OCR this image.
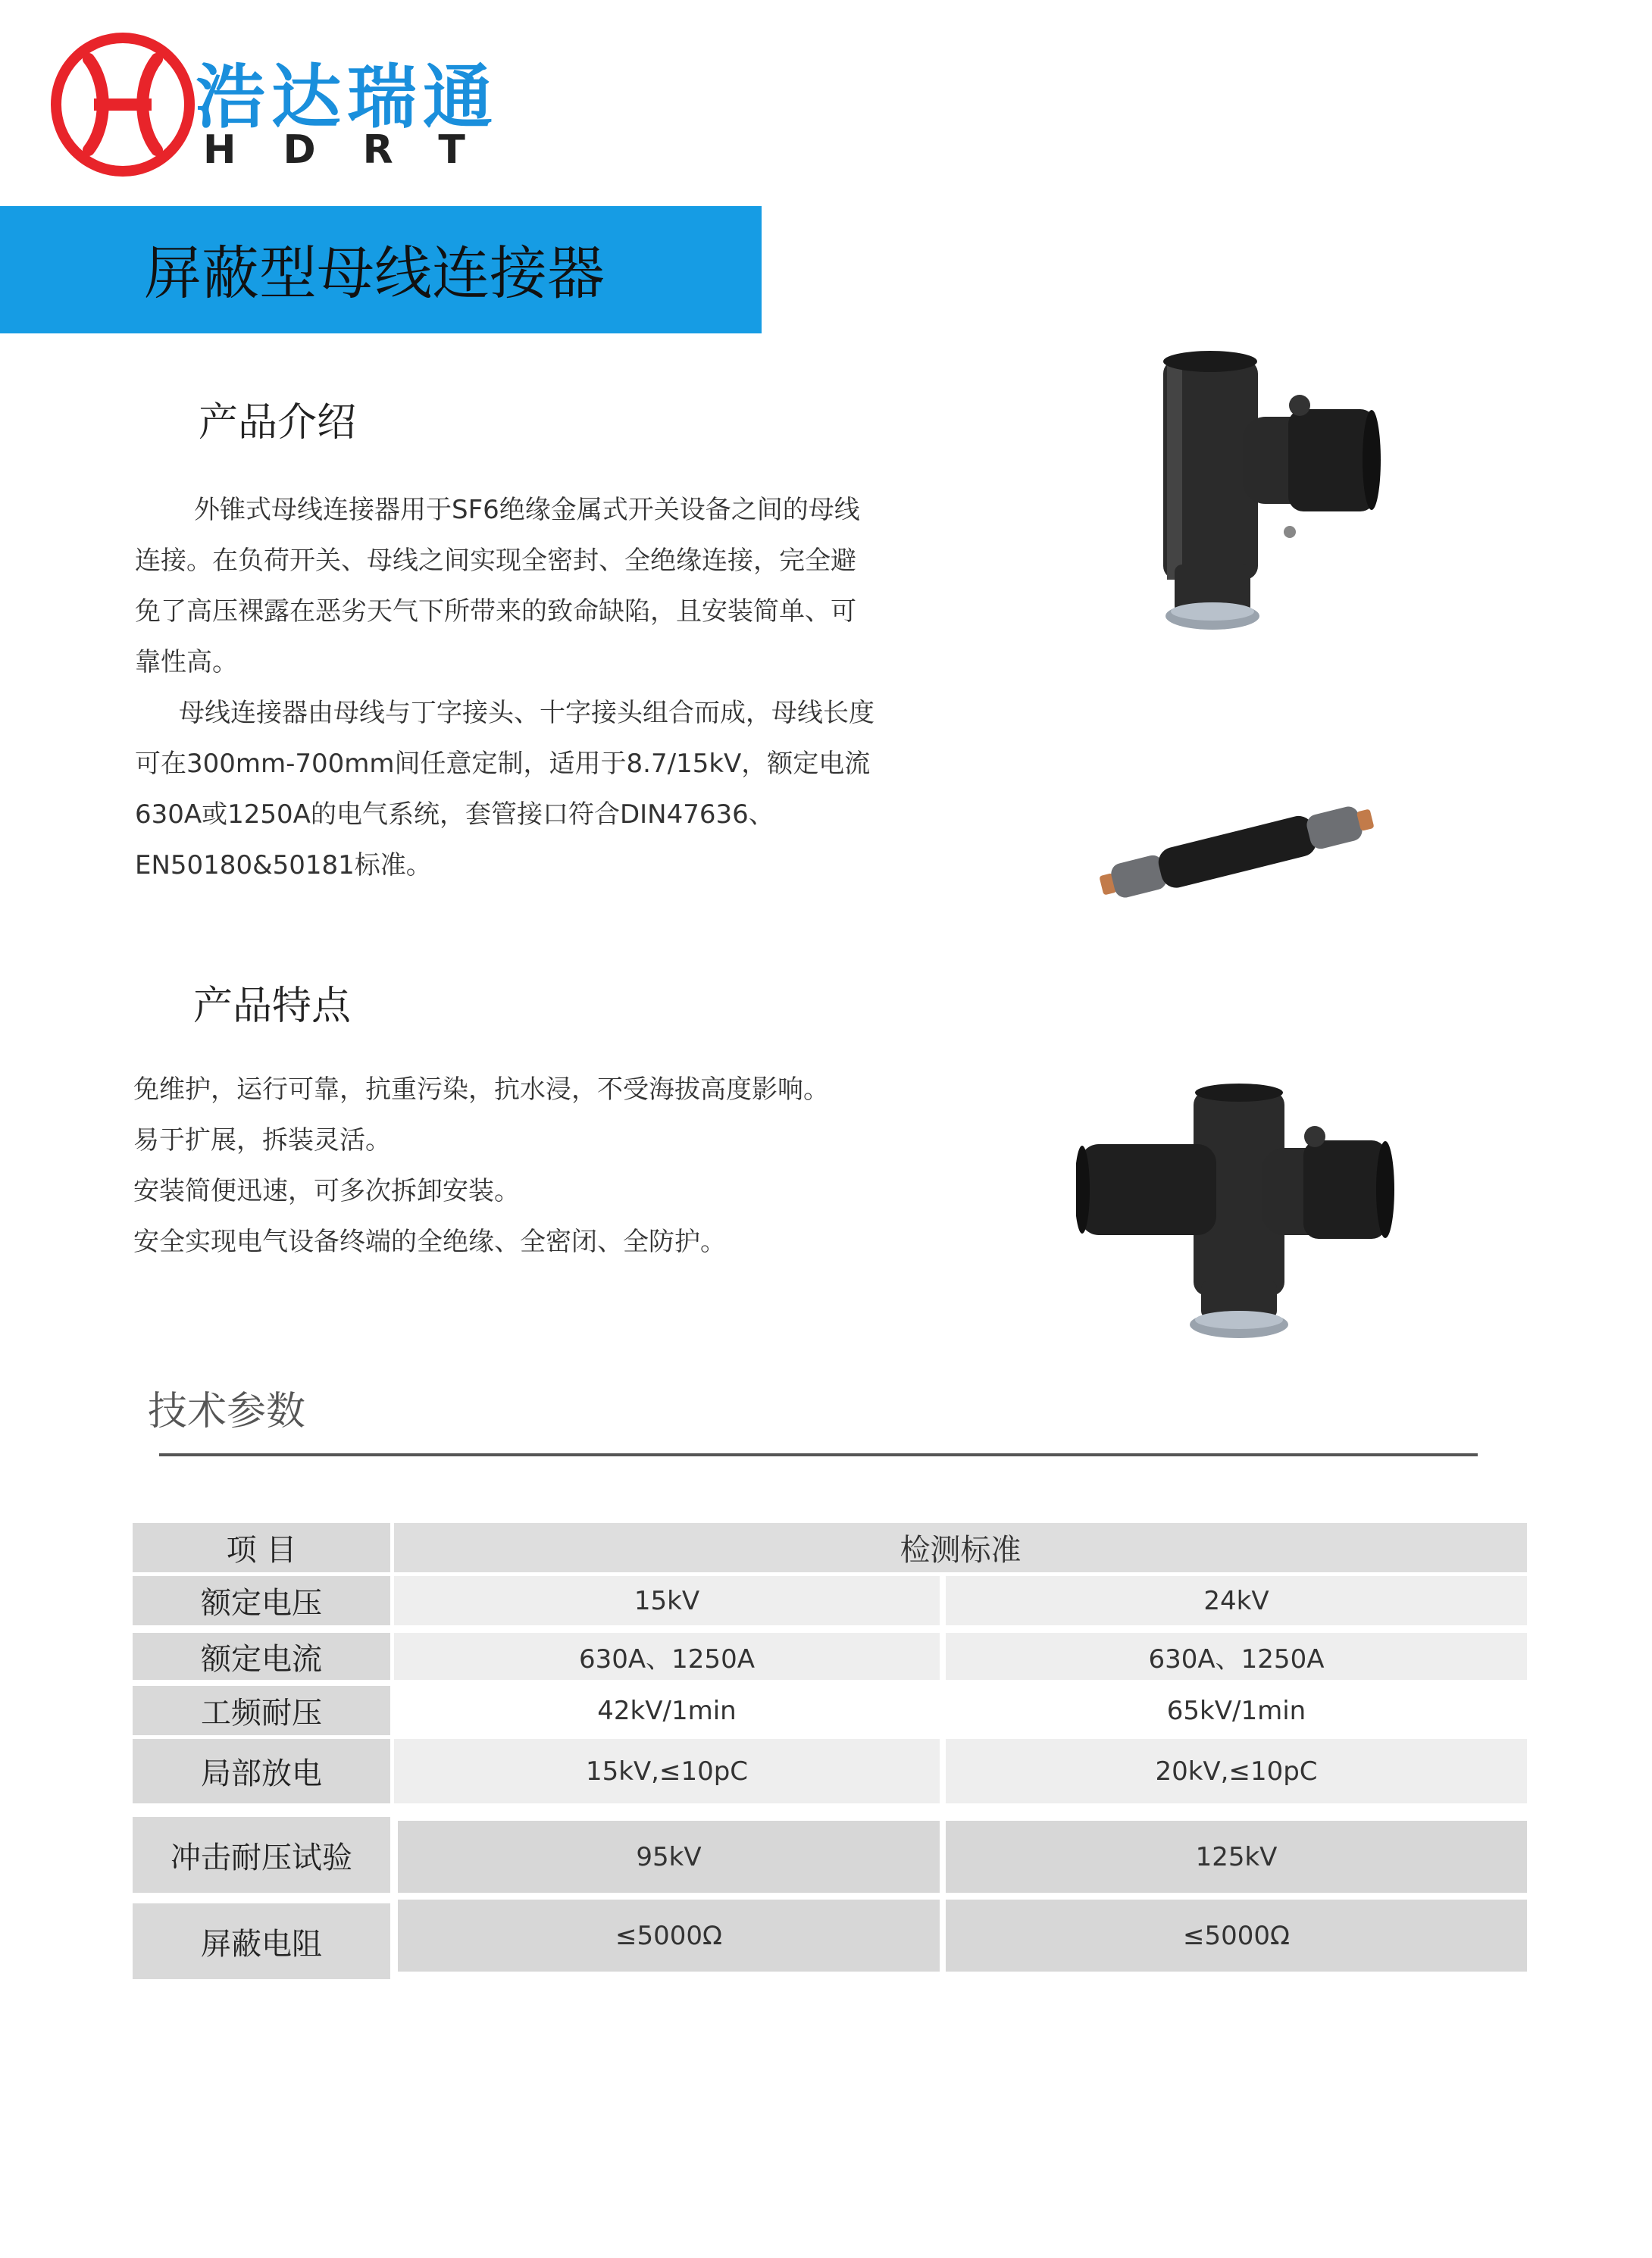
浩达瑞通
HDRT
屏蔽型母线连接器
产品介绍
外锥式母线连接器用于SF6绝缘金属式开关设备之间的母线连接。在负荷开关、母线之间实现全密封、全绝缘连接，完全避免了高压裸露在恶劣天气下所带来的致命缺陷，且安装简单、可靠性高。
母线连接器由母线与丁字接头、十字接头组合而成，母线长度可在300mm-700mm间任意定制，适用于8.7/15kV，额定电流630A或1250A的电气系统，套管接口符合DIN47636、EN50180&50181标准。
产品特点
免维护，运行可靠，抗重污染，抗水浸，不受海拔高度影响。
易于扩展，拆装灵活。
安装简便迅速，可多次拆卸安装。
安全实现电气设备终端的全绝缘、全密闭、全防护。
技术参数
项 目	检测标准
额定电压	15kV	24kV
额定电流	630A、1250A	630A、1250A
工频耐压	42kV/1min	65kV/1min
局部放电	15kV,≤10pC	20kV,≤10pC
冲击耐压试验	95kV	125kV
屏蔽电阻	≤5000Ω	≤5000Ω
